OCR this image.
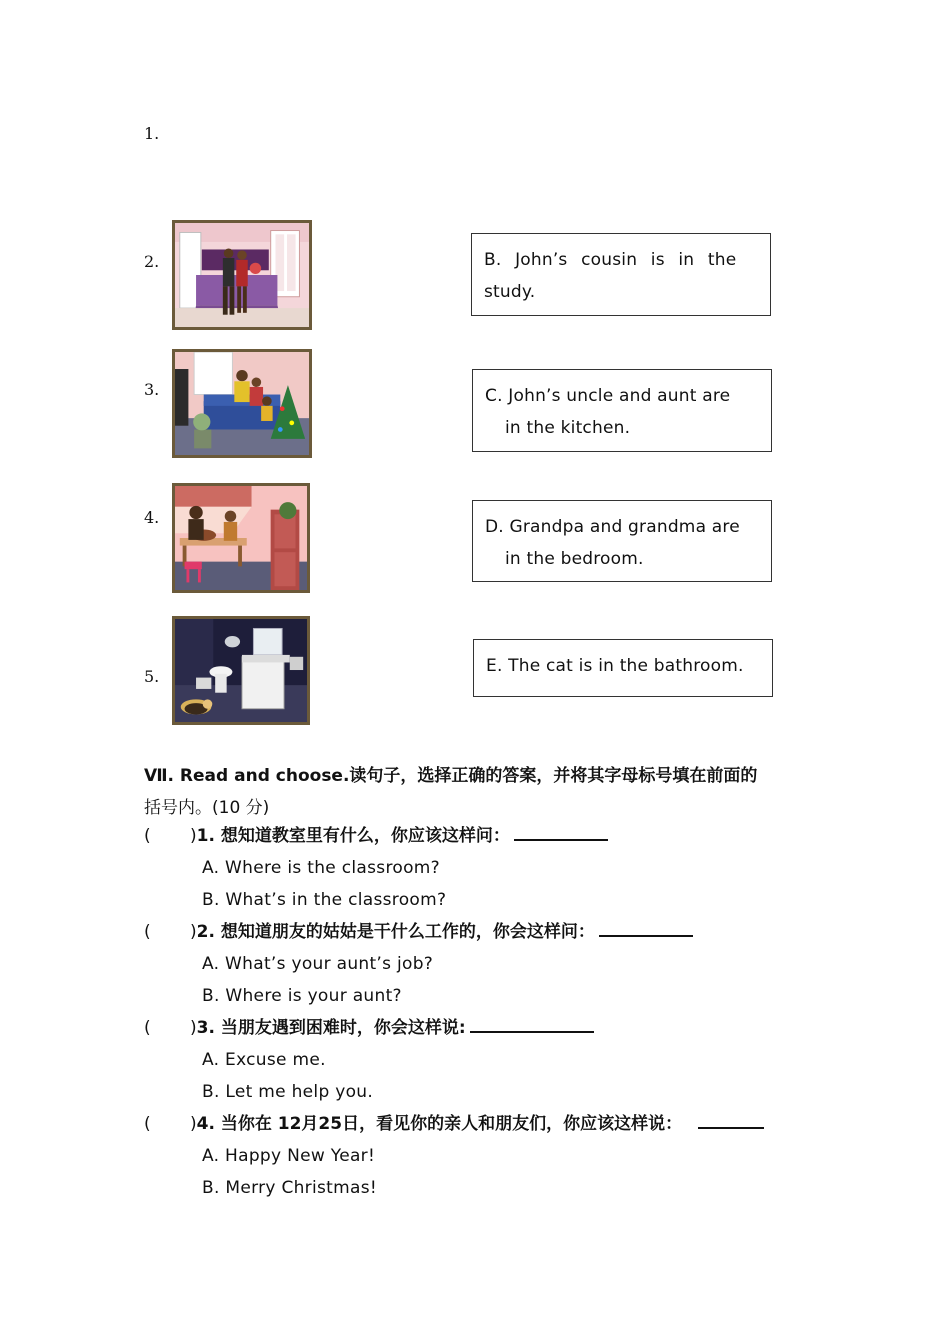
1.
2.
3.
4.
5.
B. John’s cousin is in the
study.
C. John’s uncle and aunt are
in the kitchen.
D. Grandpa and grandma are
in the bedroom.
E. The cat is in the bathroom.
Ⅶ. Read and choose.读句子，选择正确的答案，并将其字母标号填在前面的
括号内。(10 分)
( )1. 想知道教室里有什么，你应该这样问：
A. Where is the classroom?
B. What’s in the classroom?
( )2. 想知道朋友的姑姑是干什么工作的，你会这样问：
A. What’s your aunt’s job?
B. Where is your aunt?
( )3. 当朋友遇到困难时，你会这样说:
A. Excuse me.
B. Let me help you.
( )4. 当你在 12月25日，看见你的亲人和朋友们，你应该这样说：
A. Happy New Year!
B. Merry Christmas!
